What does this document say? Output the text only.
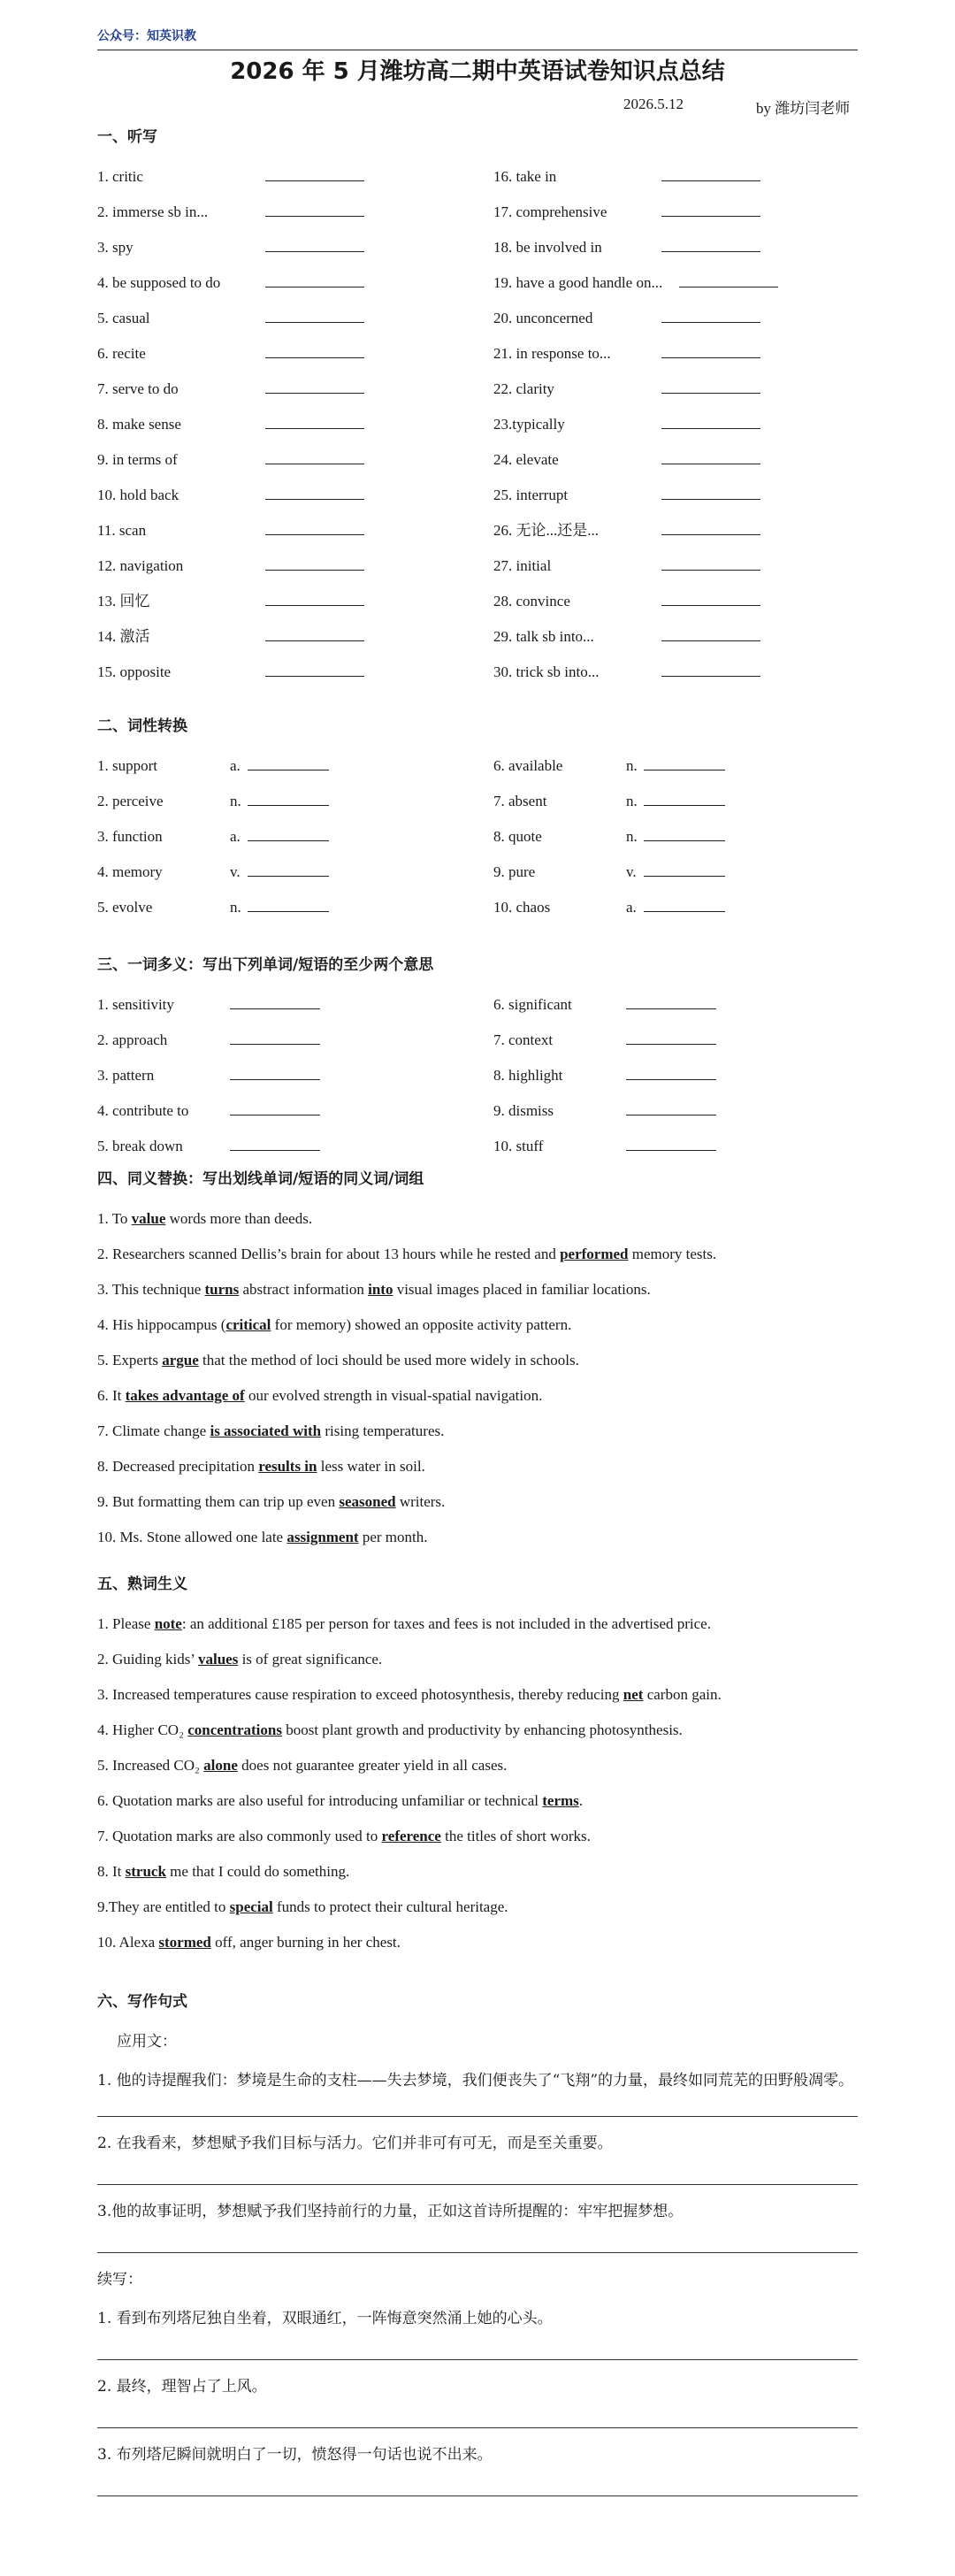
公众号：知英识教
2026 年 5 月潍坊高二期中英语试卷知识点总结
2026.5.12	by 潍坊闫老师
一、听写
1. critic	16. take in
2. immerse sb in...	17. comprehensive
3. spy	18. be involved in
4. be supposed to do	19. have a good handle on...
5. casual	20. unconcerned
6. recite	21. in response to...
7. serve to do	22. clarity
8. make sense	23.typically
9. in terms of	24. elevate
10. hold back	25. interrupt
11. scan	26. 无论...还是...
12. navigation	27. initial
13. 回忆	28. convince
14. 激活	29. talk sb into...
15. opposite	30. trick sb into...
二、词性转换
1. support	a.	6. available	n.
2. perceive	n.	7. absent	n.
3. function	a.	8. quote	n.
4. memory	v.	9. pure	v.
5. evolve	n.	10. chaos	a.
三、一词多义：写出下列单词/短语的至少两个意思
1. sensitivity	6. significant
2. approach	7. context
3. pattern	8. highlight
4. contribute to	9. dismiss
5. break down	10. stuff
四、同义替换：写出划线单词/短语的同义词/词组
1. To value words more than deeds.
2. Researchers scanned Dellis’s brain for about 13 hours while he rested and performed memory tests.
3. This technique turns abstract information into visual images placed in familiar locations.
4. His hippocampus (critical for memory) showed an opposite activity pattern.
5. Experts argue that the method of loci should be used more widely in schools.
6. It takes advantage of our evolved strength in visual-spatial navigation.
7. Climate change is associated with rising temperatures.
8. Decreased precipitation results in less water in soil.
9. But formatting them can trip up even seasoned writers.
10. Ms. Stone allowed one late assignment per month.
五、熟词生义
1. Please note: an additional £185 per person for taxes and fees is not included in the advertised price.
2. Guiding kids’ values is of great significance.
3. Increased temperatures cause respiration to exceed photosynthesis, thereby reducing net carbon gain.
4. Higher CO₂ concentrations boost plant growth and productivity by enhancing photosynthesis.
5. Increased CO₂ alone does not guarantee greater yield in all cases.
6. Quotation marks are also useful for introducing unfamiliar or technical terms.
7. Quotation marks are also commonly used to reference the titles of short works.
8. It struck me that I could do something.
9.They are entitled to special funds to protect their cultural heritage.
10. Alexa stormed off, anger burning in her chest.
六、写作句式
应用文：
1. 他的诗提醒我们：梦境是生命的支柱——失去梦境，我们便丧失了“飞翔”的力量，最终如同荒芜的田野般凋零。
2. 在我看来，梦想赋予我们目标与活力。它们并非可有可无，而是至关重要。
3.他的故事证明，梦想赋予我们坚持前行的力量，正如这首诗所提醒的：牢牢把握梦想。
续写：
1. 看到布列塔尼独自坐着，双眼通红，一阵悔意突然涌上她的心头。
2. 最终，理智占了上风。
3. 布列塔尼瞬间就明白了一切，愤怒得一句话也说不出来。
